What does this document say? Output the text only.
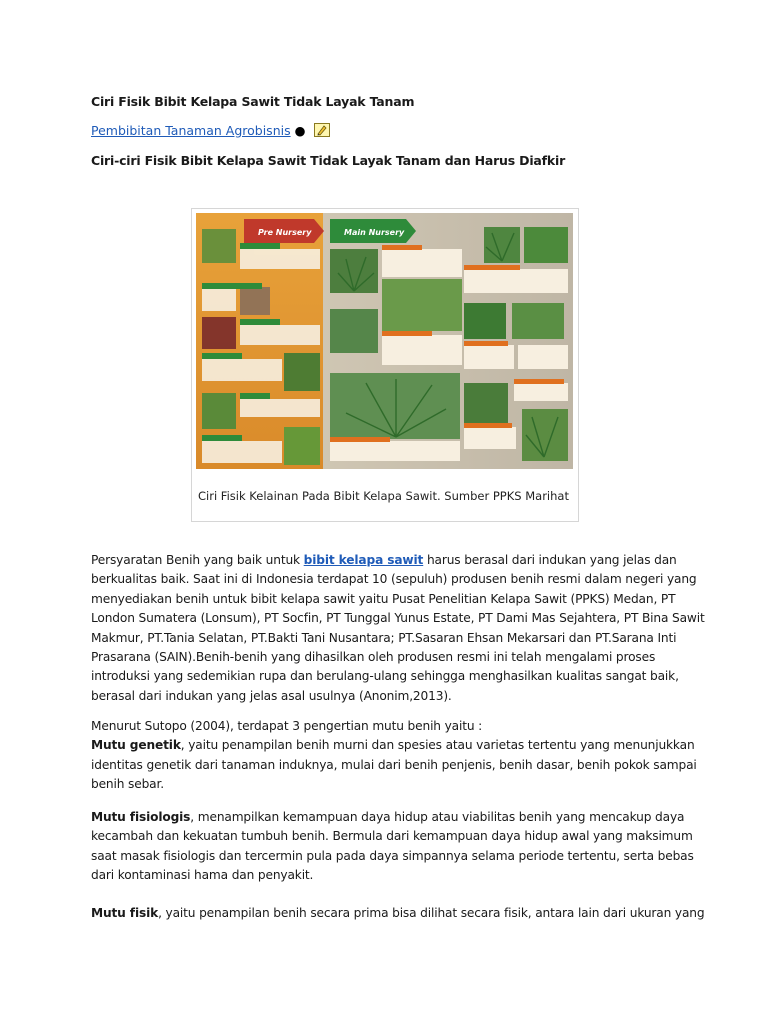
Ciri Fisik Bibit Kelapa Sawit Tidak Layak Tanam
Pembibitan Tanaman Agrobisnis ●
Ciri-ciri Fisik Bibit Kelapa Sawit Tidak Layak Tanam dan Harus Diafkir
Pre Nursery	Main Nursery
Ciri Fisik Kelainan Pada Bibit Kelapa Sawit. Sumber PPKS Marihat
Persyaratan Benih yang baik untuk bibit kelapa sawit harus berasal dari indukan yang jelas dan berkualitas baik. Saat ini di Indonesia terdapat 10 (sepuluh) produsen benih resmi dalam negeri yang menyediakan benih untuk bibit kelapa sawit yaitu Pusat Penelitian Kelapa Sawit (PPKS) Medan, PT London Sumatera (Lonsum), PT Socfin, PT Tunggal Yunus Estate, PT Dami Mas Sejahtera, PT Bina Sawit Makmur, PT.Tania Selatan, PT.Bakti Tani Nusantara; PT.Sasaran Ehsan Mekarsari dan PT.Sarana Inti Prasarana (SAIN).Benih-benih yang dihasilkan oleh produsen resmi ini telah mengalami proses introduksi yang sedemikian rupa dan berulang-ulang sehingga menghasilkan kualitas sangat baik, berasal dari indukan yang jelas asal usulnya (Anonim,2013).
Menurut Sutopo (2004), terdapat 3 pengertian mutu benih yaitu :
Mutu genetik, yaitu penampilan benih murni dan spesies atau varietas tertentu yang menunjukkan identitas genetik dari tanaman induknya, mulai dari benih penjenis, benih dasar, benih pokok sampai benih sebar.
Mutu fisiologis, menampilkan kemampuan daya hidup atau viabilitas benih yang mencakup daya kecambah dan kekuatan tumbuh benih. Bermula dari kemampuan daya hidup awal yang maksimum saat masak fisiologis dan tercermin pula pada daya simpannya selama periode tertentu, serta bebas dari kontaminasi hama dan penyakit.
Mutu fisik, yaitu penampilan benih secara prima bisa dilihat secara fisik, antara lain dari ukuran yang
